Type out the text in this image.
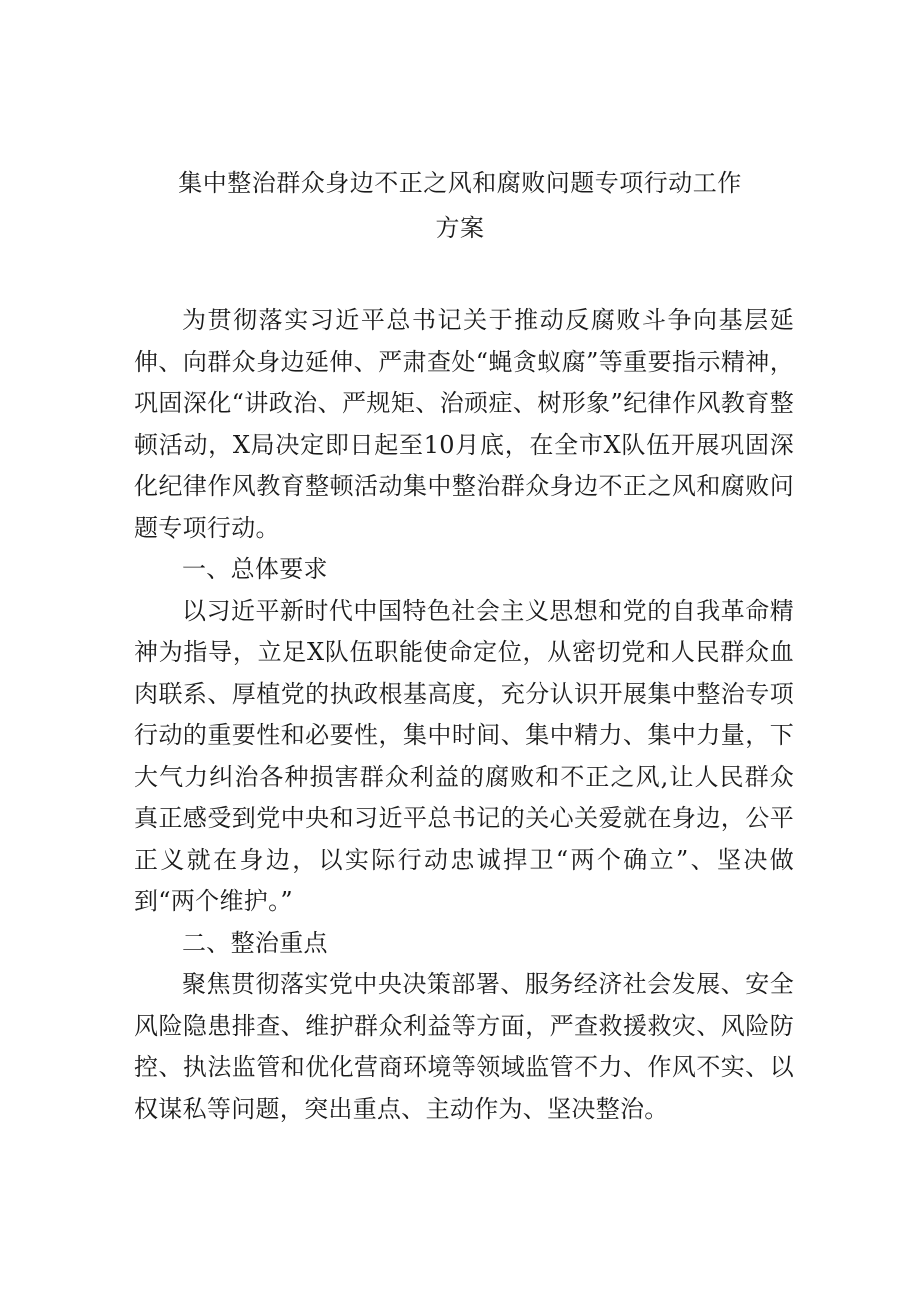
集中整治群众身边不正之风和腐败问题专项行动工作
方案

为贯彻落实习近平总书记关于推动反腐败斗争向基层延伸、向群众身边延伸、严肃查处“蝇贪蚁腐”等重要指示精神，巩固深化“讲政治、严规矩、治顽症、树形象”纪律作风教育整顿活动，X局决定即日起至10月底，在全市X队伍开展巩固深化纪律作风教育整顿活动集中整治群众身边不正之风和腐败问题专项行动。

一、总体要求

以习近平新时代中国特色社会主义思想和党的自我革命精神为指导，立足X队伍职能使命定位，从密切党和人民群众血肉联系、厚植党的执政根基高度，充分认识开展集中整治专项行动的重要性和必要性，集中时间、集中精力、集中力量，下大气力纠治各种损害群众利益的腐败和不正之风,让人民群众真正感受到党中央和习近平总书记的关心关爱就在身边，公平正义就在身边，以实际行动忠诚捍卫“两个确立”、坚决做到“两个维护。”

二、整治重点

聚焦贯彻落实党中央决策部署、服务经济社会发展、安全风险隐患排查、维护群众利益等方面，严查救援救灾、风险防控、执法监管和优化营商环境等领域监管不力、作风不实、以权谋私等问题，突出重点、主动作为、坚决整治。
